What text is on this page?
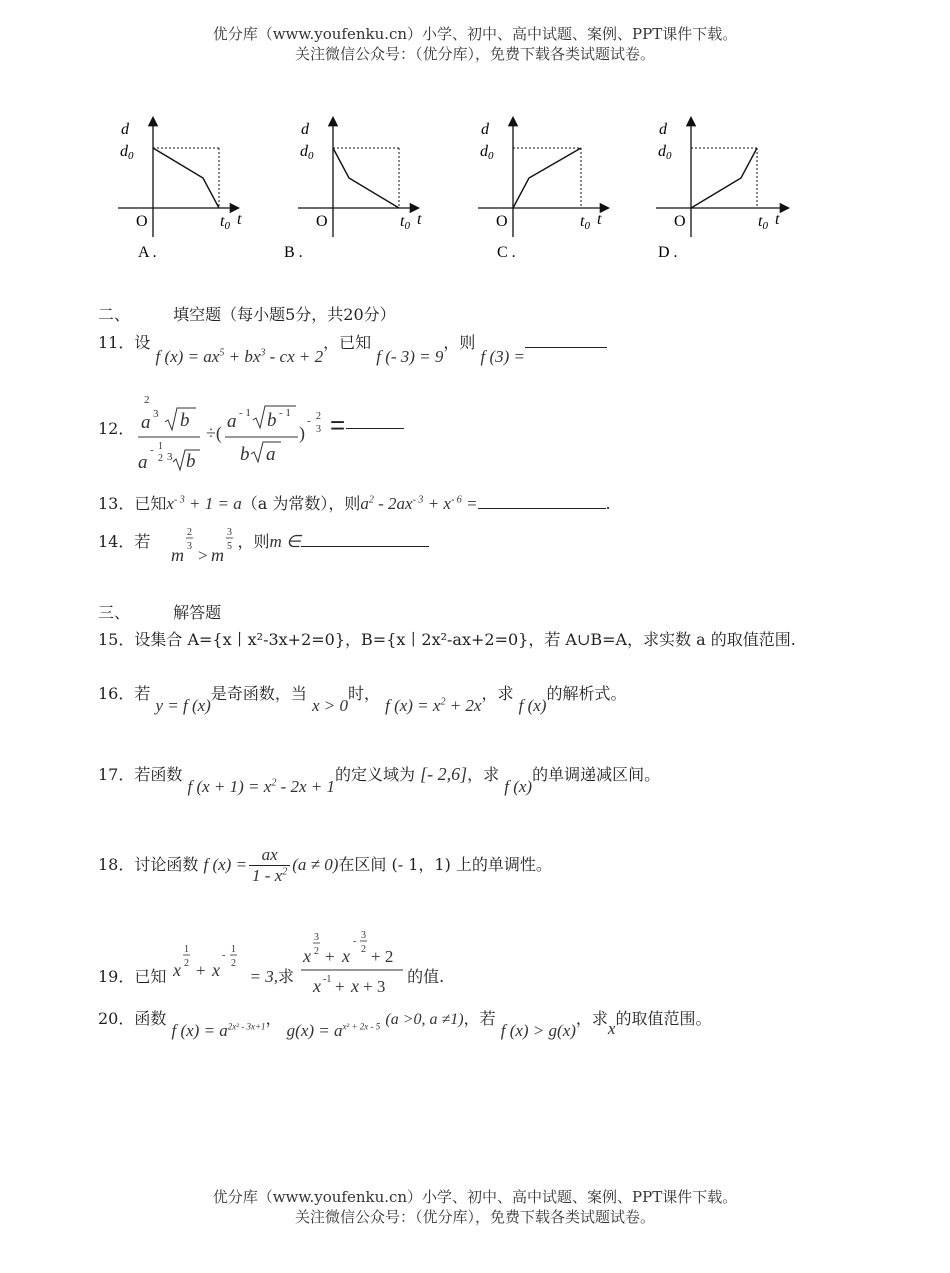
优分库（www.youfenku.cn）小学、初中、高中试题、案例、PPT课件下载。
关注微信公众号：（优分库），免费下载各类试题试卷。
d
d0
O	t0 t
A .
d
d0
O	t0 t
B .
d
d0
O	t0 t
C .
d
d0
O	t0 t
D .
二、	填空题（每小题5分，共20分）
11．设 f $(x) = ax^5 + bx^3$ - cx + 2，已知 f (- 3) = 9，则 f (3) =
12．
2
a 3 b
a
- 1
2 3 b
÷(
a - 1 b - 1
b a
)
- 2
3 =
13．已知$x^{- 3} + 1 = a(a$ 为常数），则$a^2 - 2ax^{- 3} + x^{- 6}$ =	.
14．若
m
2
3 > m
3
5 ，则m ∈
三、	解答题
15．设集合 A={x丨x²-3x+2=0}，B={x丨2x²-ax+2=0}，若 A∪B=A，求实数 a 的取值范围.
16．若 y = f (x)是奇函数，当 x > 0时， f $(x) = x^2 + 2x$，求 f (x)的解析式。
17．若函数 f $(x + 1) = x^2 - 2x + 1$的定义域为 [- 2,6]，求 f (x)的单调递减区间。
18．讨论函数 f $(x) = \frac{ax}{1 - x^2} (a \ne 0)$在区间 (- 1，1) 上的单调性。
19．已知 x
1
2 + x
-
1
2
= 3,求
x
3
2 + x
-
3
2 + 2
x -1 + x + 3
的值.
20．函数 f $(x) = a^{2x^2 - 3x+1}$， $g(x) = a^{x^2 + 2x - 5}$ (a >0, a ≠1)，若 f (x) > g(x)，求x的取值范围。
优分库（www.youfenku.cn）小学、初中、高中试题、案例、PPT课件下载。
关注微信公众号：（优分库），免费下载各类试题试卷。
